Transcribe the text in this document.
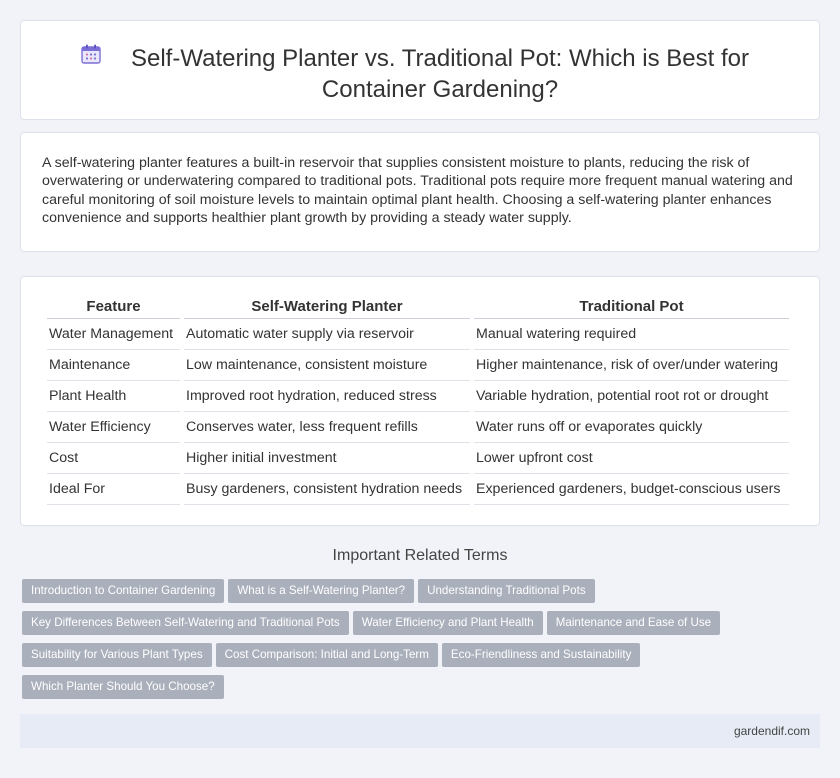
Self-Watering Planter vs. Traditional Pot: Which is Best for Container Gardening?

A self-watering planter features a built-in reservoir that supplies consistent moisture to plants, reducing the risk of overwatering or underwatering compared to traditional pots. Traditional pots require more frequent manual watering and careful monitoring of soil moisture levels to maintain optimal plant health. Choosing a self-watering planter enhances convenience and supports healthier plant growth by providing a steady water supply.

Feature	Self-Watering Planter	Traditional Pot
Water Management	Automatic water supply via reservoir	Manual watering required
Maintenance	Low maintenance, consistent moisture	Higher maintenance, risk of over/under watering
Plant Health	Improved root hydration, reduced stress	Variable hydration, potential root rot or drought
Water Efficiency	Conserves water, less frequent refills	Water runs off or evaporates quickly
Cost	Higher initial investment	Lower upfront cost
Ideal For	Busy gardeners, consistent hydration needs	Experienced gardeners, budget-conscious users
Important Related Terms
Introduction to Container Gardening What is a Self-Watering Planter? Understanding Traditional Pots
Key Differences Between Self-Watering and Traditional Pots Water Efficiency and Plant Health Maintenance and Ease of Use
Suitability for Various Plant Types Cost Comparison: Initial and Long-Term Eco-Friendliness and Sustainability
Which Planter Should You Choose?
gardendif.com
